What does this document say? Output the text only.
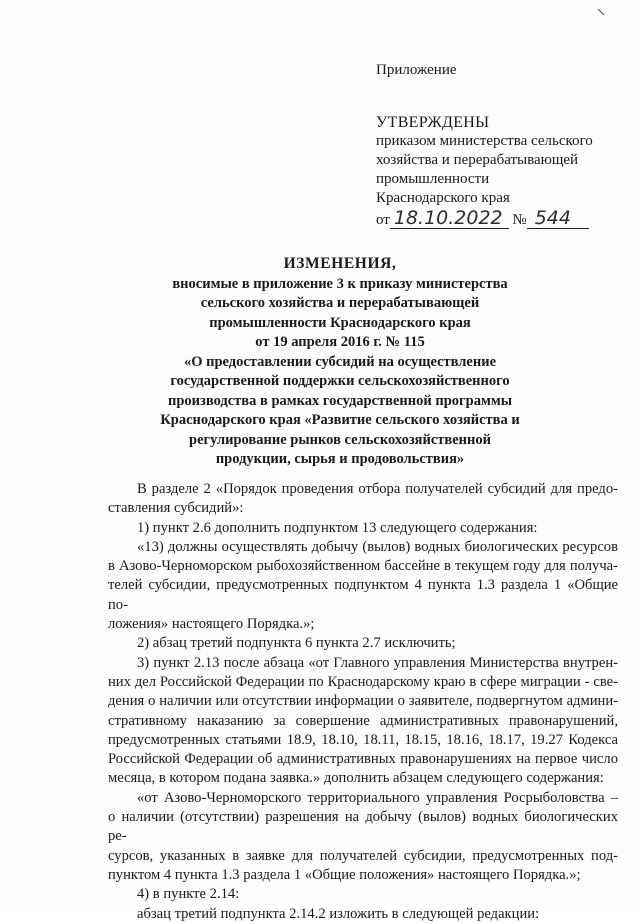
Приложение
УТВЕРЖДЕНЫ
приказом министерства сельского
хозяйства и перерабатывающей
промышленности
Краснодарского края
от 18.10.2022 № 544
ИЗМЕНЕНИЯ,
вносимые в приложение 3 к приказу министерства
сельского хозяйства и перерабатывающей
промышленности Краснодарского края
от 19 апреля 2016 г. № 115
«О предоставлении субсидий на осуществление
государственной поддержки сельскохозяйственного
производства в рамках государственной программы
Краснодарского края «Развитие сельского хозяйства и
регулирование рынков сельскохозяйственной
продукции, сырья и продовольствия»
В разделе 2 «Порядок проведения отбора получателей субсидий для предо-
ставления субсидий»:
1) пункт 2.6 дополнить подпунктом 13 следующего содержания:
«13) должны осуществлять добычу (вылов) водных биологических ресурсов
в Азово-Черноморском рыбохозяйственном бассейне в текущем году для получа-
телей субсидии, предусмотренных подпунктом 4 пункта 1.3 раздела 1 «Общие по-
ложения» настоящего Порядка.»;
2) абзац третий подпункта 6 пункта 2.7 исключить;
3) пункт 2.13 после абзаца «от Главного управления Министерства внутрен-
них дел Российской Федерации по Краснодарскому краю в сфере миграции - све-
дения о наличии или отсутствии информации о заявителе, подвергнутом админи-
стративному наказанию за совершение административных правонарушений,
предусмотренных статьями 18.9, 18.10, 18.11, 18.15, 18.16, 18.17, 19.27 Кодекса
Российской Федерации об административных правонарушениях на первое число
месяца, в котором подана заявка.» дополнить абзацем следующего содержания:
«от Азово-Черноморского территориального управления Росрыболовства –
о наличии (отсутствии) разрешения на добычу (вылов) водных биологических ре-
сурсов, указанных в заявке для получателей субсидии, предусмотренных под-
пунктом 4 пункта 1.3 раздела 1 «Общие положения» настоящего Порядка.»;
4) в пункте 2.14:
абзац третий подпункта 2.14.2 изложить в следующей редакции:
